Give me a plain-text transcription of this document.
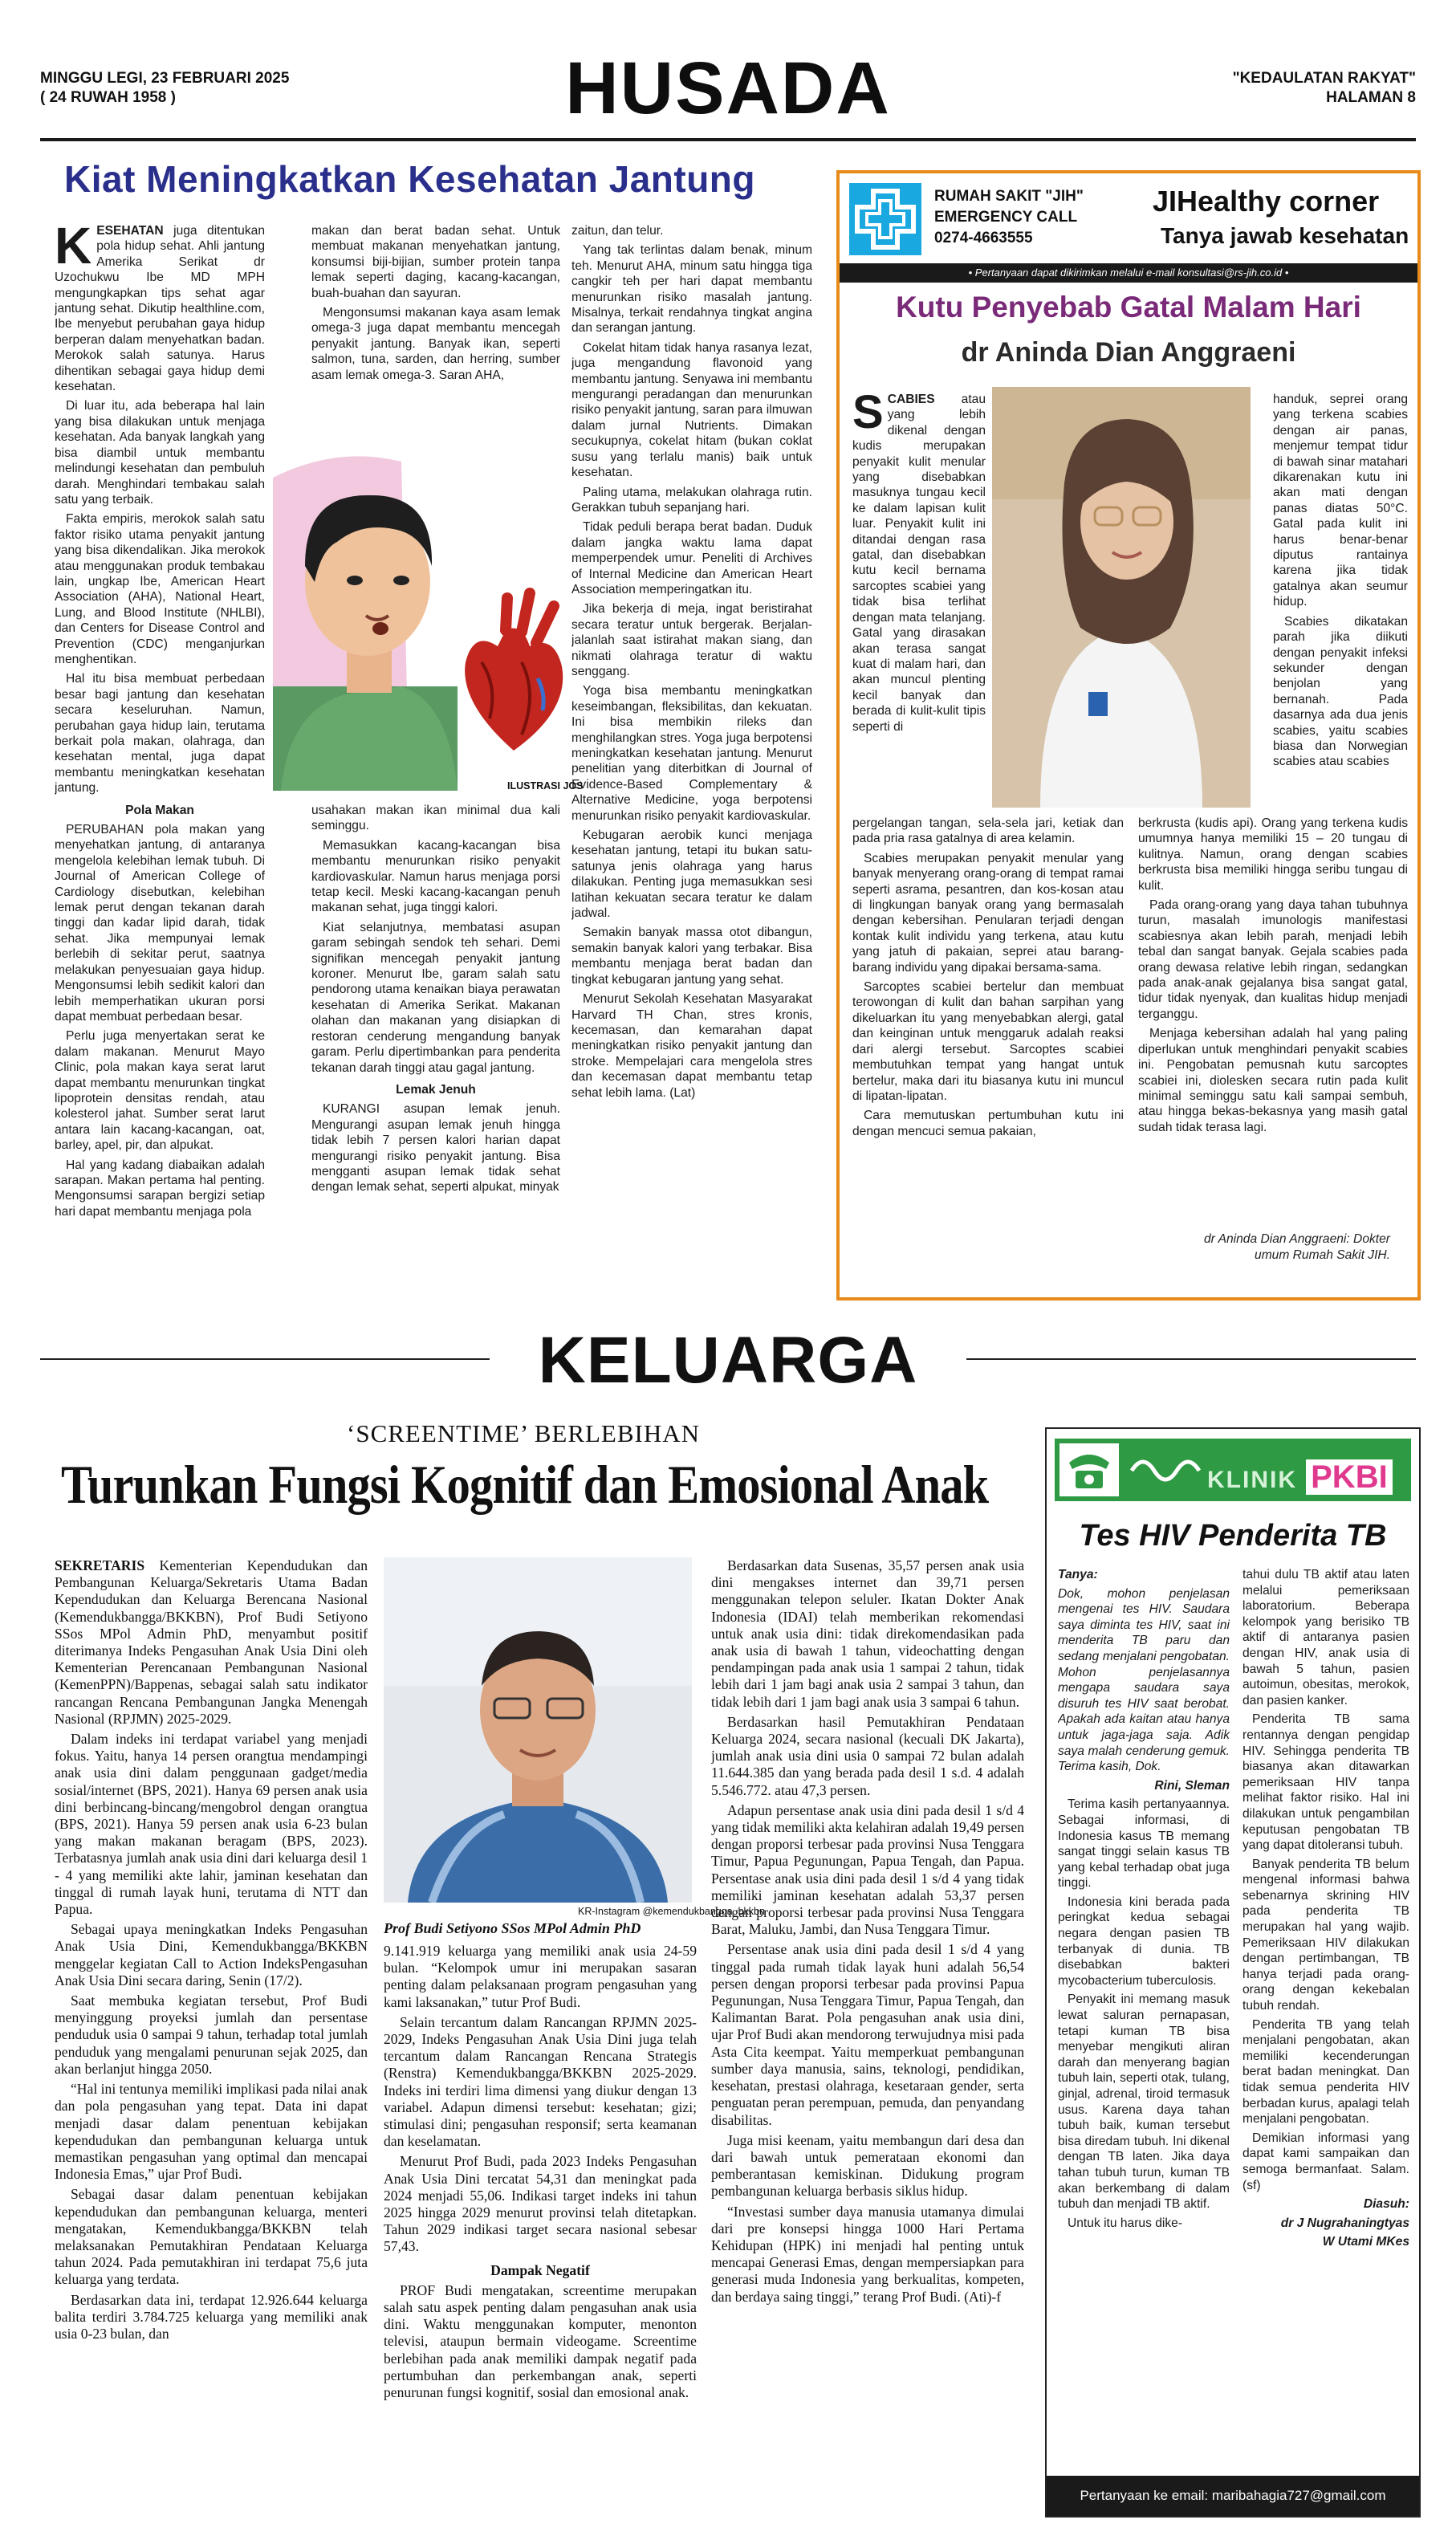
MINGGU LEGI, 23 FEBRUARI 2025
( 24 RUWAH 1958 )	HUSADA	"KEDAULATAN RAKYAT"
HALAMAN 8
Kiat Meningkatkan Kesehatan Jantung

KESEHATAN juga ditentukan pola hidup sehat. Ahli jantung Amerika Serikat dr Uzochukwu Ibe MD MPH mengungkapkan tips sehat agar jantung sehat. Dikutip healthline.com, Ibe menyebut perubahan gaya hidup berperan dalam menyehatkan badan. Merokok salah satunya. Harus dihentikan sebagai gaya hidup demi kesehatan.

Di luar itu, ada beberapa hal lain yang bisa dilakukan untuk menjaga kesehatan. Ada banyak langkah yang bisa diambil untuk membantu melindungi kesehatan dan pembuluh darah. Menghindari tembakau salah satu yang terbaik.

Fakta empiris, merokok salah satu faktor risiko utama penyakit jantung yang bisa dikendalikan. Jika merokok atau menggunakan produk tembakau lain, ungkap Ibe, American Heart Association (AHA), National Heart, Lung, and Blood Institute (NHLBI), dan Centers for Disease Control and Prevention (CDC) menganjurkan menghentikan.

Hal itu bisa membuat perbedaan besar bagi jantung dan kesehatan secara keseluruhan. Namun, perubahan gaya hidup lain, terutama berkait pola makan, olahraga, dan kesehatan mental, juga dapat membantu meningkatkan kesehatan jantung.

Pola Makan

PERUBAHAN pola makan yang menyehatkan jantung, di antaranya mengelola kelebihan lemak tubuh. Di Journal of American College of Cardiology disebutkan, kelebihan lemak perut dengan tekanan darah tinggi dan kadar lipid darah, tidak sehat. Jika mempunyai lemak berlebih di sekitar perut, saatnya melakukan penyesuaian gaya hidup. Mengonsumsi lebih sedikit kalori dan lebih memperhatikan ukuran porsi dapat membuat perbedaan besar.

Perlu juga menyertakan serat ke dalam makanan. Menurut Mayo Clinic, pola makan kaya serat larut dapat membantu menurunkan tingkat lipoprotein densitas rendah, atau kolesterol jahat. Sumber serat larut antara lain kacang-kacangan, oat, barley, apel, pir, dan alpukat.

Hal yang kadang diabaikan adalah sarapan. Makan pertama hal penting. Mengonsumsi sarapan bergizi setiap hari dapat membantu menjaga pola

makan dan berat badan sehat. Untuk membuat makanan menyehatkan jantung, konsumsi biji-bijian, sumber protein tanpa lemak seperti daging, kacang-kacangan, buah-buahan dan sayuran.

Mengonsumsi makanan kaya asam lemak omega-3 juga dapat membantu mencegah penyakit jantung. Banyak ikan, seperti salmon, tuna, sarden, dan herring, sumber asam lemak omega-3. Saran AHA,

ILUSTRASI JOS

usahakan makan ikan minimal dua kali seminggu.

Memasukkan kacang-kacangan bisa membantu menurunkan risiko penyakit kardiovaskular. Namun harus menjaga porsi tetap kecil. Meski kacang-kacangan penuh makanan sehat, juga tinggi kalori.

Kiat selanjutnya, membatasi asupan garam sebingah sendok teh sehari. Demi signifikan mencegah penyakit jantung koroner. Menurut Ibe, garam salah satu pendorong utama kenaikan biaya perawatan kesehatan di Amerika Serikat. Makanan olahan dan makanan yang disiapkan di restoran cenderung mengandung banyak garam. Perlu dipertimbankan para penderita tekanan darah tinggi atau gagal jantung.

Lemak Jenuh

KURANGI asupan lemak jenuh. Mengurangi asupan lemak jenuh hingga tidak lebih 7 persen kalori harian dapat mengurangi risiko penyakit jantung. Bisa mengganti asupan lemak tidak sehat dengan lemak sehat, seperti alpukat, minyak

zaitun, dan telur.

Yang tak terlintas dalam benak, minum teh. Menurut AHA, minum satu hingga tiga cangkir teh per hari dapat membantu menurunkan risiko masalah jantung. Misalnya, terkait rendahnya tingkat angina dan serangan jantung.

Cokelat hitam tidak hanya rasanya lezat, juga mengandung flavonoid yang membantu jantung. Senyawa ini membantu mengurangi peradangan dan menurunkan risiko penyakit jantung, saran para ilmuwan dalam jurnal Nutrients. Dimakan secukupnya, cokelat hitam (bukan coklat susu yang terlalu manis) baik untuk kesehatan.

Paling utama, melakukan olahraga rutin. Gerakkan tubuh sepanjang hari.

Tidak peduli berapa berat badan. Duduk dalam jangka waktu lama dapat memperpendek umur. Peneliti di Archives of Internal Medicine dan American Heart Association memperingatkan itu.

Jika bekerja di meja, ingat beristirahat secara teratur untuk bergerak. Berjalan-jalanlah saat istirahat makan siang, dan nikmati olahraga teratur di waktu senggang.

Yoga bisa membantu meningkatkan keseimbangan, fleksibilitas, dan kekuatan. Ini bisa membikin rileks dan menghilangkan stres. Yoga juga berpotensi meningkatkan kesehatan jantung. Menurut penelitian yang diterbitkan di Journal of Evidence-Based Complementary & Alternative Medicine, yoga berpotensi menurunkan risiko penyakit kardiovaskular.

Kebugaran aerobik kunci menjaga kesehatan jantung, tetapi itu bukan satu-satunya jenis olahraga yang harus dilakukan. Penting juga memasukkan sesi latihan kekuatan secara teratur ke dalam jadwal.

Semakin banyak massa otot dibangun, semakin banyak kalori yang terbakar. Bisa membantu menjaga berat badan dan tingkat kebugaran jantung yang sehat.

Menurut Sekolah Kesehatan Masyarakat Harvard TH Chan, stres kronis, kecemasan, dan kemarahan dapat meningkatkan risiko penyakit jantung dan stroke. Mempelajari cara mengelola stres dan kecemasan dapat membantu tetap sehat lebih lama. (Lat)

RUMAH SAKIT "JIH"
EMERGENCY CALL
0274-4663555
JIHealthy corner
Tanya jawab kesehatan
• Pertanyaan dapat dikirimkan melalui e-mail konsultasi@rs-jih.co.id •
Kutu Penyebab Gatal Malam Hari
dr Aninda Dian Anggraeni

SCABIES atau yang lebih dikenal dengan kudis merupakan penyakit kulit menular yang disebabkan masuknya tungau kecil ke dalam lapisan kulit luar. Penyakit kulit ini ditandai dengan rasa gatal, dan disebabkan kutu kecil bernama sarcoptes scabiei yang tidak bisa terlihat dengan mata telanjang. Gatal yang dirasakan akan terasa sangat kuat di malam hari, dan akan muncul plenting kecil banyak dan berada di kulit-kulit tipis seperti di

handuk, seprei orang yang terkena scabies dengan air panas, menjemur tempat tidur di bawah sinar matahari dikarenakan kutu ini akan mati dengan panas diatas 50°C. Gatal pada kulit ini harus benar-benar diputus rantainya karena jika tidak gatalnya akan seumur hidup.

Scabies dikatakan parah jika diikuti dengan penyakit infeksi sekunder dengan benjolan yang bernanah. Pada dasarnya ada dua jenis scabies, yaitu scabies biasa dan Norwegian scabies atau scabies

pergelangan tangan, sela-sela jari, ketiak dan pada pria rasa gatalnya di area kelamin.

Scabies merupakan penyakit menular yang banyak menyerang orang-orang di tempat ramai seperti asrama, pesantren, dan kos-kosan atau di lingkungan banyak orang yang bermasalah dengan kebersihan. Penularan terjadi dengan kontak kulit individu yang terkena, atau kutu yang jatuh di pakaian, seprei atau barang-barang individu yang dipakai bersama-sama.

Sarcoptes scabiei bertelur dan membuat terowongan di kulit dan bahan sarpihan yang dikeluarkan itu yang menyebabkan alergi, gatal dan keinginan untuk menggaruk adalah reaksi dari alergi tersebut. Sarcoptes scabiei membutuhkan tempat yang hangat untuk bertelur, maka dari itu biasanya kutu ini muncul di lipatan-lipatan.

Cara memutuskan pertumbuhan kutu ini dengan mencuci semua pakaian,

berkrusta (kudis api). Orang yang terkena kudis umumnya hanya memiliki 15 – 20 tungau di kulitnya. Namun, orang dengan scabies berkrusta bisa memiliki hingga seribu tungau di kulit.

Pada orang-orang yang daya tahan tubuhnya turun, masalah imunologis manifestasi scabiesnya akan lebih parah, menjadi lebih tebal dan sangat banyak. Gejala scabies pada orang dewasa relative lebih ringan, sedangkan pada anak-anak gejalanya bisa sangat gatal, tidur tidak nyenyak, dan kualitas hidup menjadi terganggu.

Menjaga kebersihan adalah hal yang paling diperlukan untuk menghindari penyakit scabies ini. Pengobatan pemusnah kutu sarcoptes scabiei ini, diolesken secara rutin pada kulit minimal seminggu satu kali sampai sembuh, atau hingga bekas-bekasnya yang masih gatal sudah tidak terasa lagi.

dr Aninda Dian Anggraeni: Dokter
umum Rumah Sakit JIH.
KELUARGA
‘SCREENTIME’ BERLEBIHAN
Turunkan Fungsi Kognitif dan Emosional Anak

SEKRETARIS Kementerian Kependudukan dan Pembangunan Keluarga/Sekretaris Utama Badan Kependudukan dan Keluarga Berencana Nasional (Kemendukbangga/BKKBN), Prof Budi Setiyono SSos MPol Admin PhD, menyambut positif diterimanya Indeks Pengasuhan Anak Usia Dini oleh Kementerian Perencanaan Pembangunan Nasional (KemenPPN)/Bappenas, sebagai salah satu indikator rancangan Rencana Pembangunan Jangka Menengah Nasional (RPJMN) 2025-2029.

Dalam indeks ini terdapat variabel yang menjadi fokus. Yaitu, hanya 14 persen orangtua mendampingi anak usia dini dalam penggunaan gadget/media sosial/internet (BPS, 2021). Hanya 69 persen anak usia dini berbincang-bincang/mengobrol dengan orangtua (BPS, 2021). Hanya 59 persen anak usia 6-23 bulan yang makan makanan beragam (BPS, 2023). Terbatasnya jumlah anak usia dini dari keluarga desil 1 - 4 yang memiliki akte lahir, jaminan kesehatan dan tinggal di rumah layak huni, terutama di NTT dan Papua.

Sebagai upaya meningkatkan Indeks Pengasuhan Anak Usia Dini, Kemendukbangga/BKKBN menggelar kegiatan Call to Action IndeksPengasuhan Anak Usia Dini secara daring, Senin (17/2).

Saat membuka kegiatan tersebut, Prof Budi menyinggung proyeksi jumlah dan persentase penduduk usia 0 sampai 9 tahun, terhadap total jumlah penduduk yang mengalami penurunan sejak 2025, dan akan berlanjut hingga 2050.

“Hal ini tentunya memiliki implikasi pada nilai anak dan pola pengasuhan yang tepat. Data ini dapat menjadi dasar dalam penentuan kebijakan kependudukan dan pembangunan keluarga untuk memastikan pengasuhan yang optimal dan mencapai Indonesia Emas,” ujar Prof Budi.

Sebagai dasar dalam penentuan kebijakan kependudukan dan pembangunan keluarga, menteri mengatakan, Kemendukbangga/BKKBN telah melaksanakan Pemutakhiran Pendataan Keluarga tahun 2024. Pada pemutakhiran ini terdapat 75,6 juta keluarga yang terdata.

Berdasarkan data ini, terdapat 12.926.644 keluarga balita terdiri 3.784.725 keluarga yang memiliki anak usia 0-23 bulan, dan

KR-Instagram @kemendukbangga_bkkbn
Prof Budi Setiyono SSos MPol Admin PhD

9.141.919 keluarga yang memiliki anak usia 24-59 bulan. “Kelompok umur ini merupakan sasaran penting dalam pelaksanaan program pengasuhan yang kami laksanakan,” tutur Prof Budi.

Selain tercantum dalam Rancangan RPJMN 2025-2029, Indeks Pengasuhan Anak Usia Dini juga telah tercantum dalam Rancangan Rencana Strategis (Renstra) Kemendukbangga/BKKBN 2025-2029. Indeks ini terdiri lima dimensi yang diukur dengan 13 variabel. Adapun dimensi tersebut: kesehatan; gizi; stimulasi dini; pengasuhan responsif; serta keamanan dan keselamatan.

Menurut Prof Budi, pada 2023 Indeks Pengasuhan Anak Usia Dini tercatat 54,31 dan meningkat pada 2024 menjadi 55,06. Indikasi target indeks ini tahun 2025 hingga 2029 menurut provinsi telah ditetapkan. Tahun 2029 indikasi target secara nasional sebesar 57,43.

Dampak Negatif

PROF Budi mengatakan, screentime merupakan salah satu aspek penting dalam pengasuhan anak usia dini. Waktu menggunakan komputer, menonton televisi, ataupun bermain videogame. Screentime berlebihan pada anak memiliki dampak negatif pada pertumbuhan dan perkembangan anak, seperti penurunan fungsi kognitif, sosial dan emosional anak.

Berdasarkan data Susenas, 35,57 persen anak usia dini mengakses internet dan 39,71 persen menggunakan telepon seluler. Ikatan Dokter Anak Indonesia (IDAI) telah memberikan rekomendasi untuk anak usia dini: tidak direkomendasikan pada anak usia di bawah 1 tahun, videochatting dengan pendampingan pada anak usia 1 sampai 2 tahun, tidak lebih dari 1 jam bagi anak usia 2 sampai 3 tahun, dan tidak lebih dari 1 jam bagi anak usia 3 sampai 6 tahun.

Berdasarkan hasil Pemutakhiran Pendataan Keluarga 2024, secara nasional (kecuali DK Jakarta), jumlah anak usia dini usia 0 sampai 72 bulan adalah 11.644.385 dan yang berada pada desil 1 s.d. 4 adalah 5.546.772. atau 47,3 persen.

Adapun persentase anak usia dini pada desil 1 s/d 4 yang tidak memiliki akta kelahiran adalah 19,49 persen dengan proporsi terbesar pada provinsi Nusa Tenggara Timur, Papua Pegunungan, Papua Tengah, dan Papua. Persentase anak usia dini pada desil 1 s/d 4 yang tidak memiliki jaminan kesehatan adalah 53,37 persen dengan proporsi terbesar pada provinsi Nusa Tenggara Barat, Maluku, Jambi, dan Nusa Tenggara Timur.

Persentase anak usia dini pada desil 1 s/d 4 yang tinggal pada rumah tidak layak huni adalah 56,54 persen dengan proporsi terbesar pada provinsi Papua Pegunungan, Nusa Tenggara Timur, Papua Tengah, dan Kalimantan Barat. Pola pengasuhan anak usia dini, ujar Prof Budi akan mendorong terwujudnya misi pada Asta Cita keempat. Yaitu memperkuat pembangunan sumber daya manusia, sains, teknologi, pendidikan, kesehatan, prestasi olahraga, kesetaraan gender, serta penguatan peran perempuan, pemuda, dan penyandang disabilitas.

Juga misi keenam, yaitu membangun dari desa dan dari bawah untuk pemerataan ekonomi dan pemberantasan kemiskinan. Didukung program pembangunan keluarga berbasis siklus hidup.

“Investasi sumber daya manusia utamanya dimulai dari pre konsepsi hingga 1000 Hari Pertama Kehidupan (HPK) ini menjadi hal penting untuk mencapai Generasi Emas, dengan mempersiapkan para generasi muda Indonesia yang berkualitas, kompeten, dan berdaya saing tinggi,” terang Prof Budi. (Ati)-f

KLINIK PKBI
Tes HIV Penderita TB

Tanya:

Dok, mohon penjelasan mengenai tes HIV. Saudara saya diminta tes HIV, saat ini menderita TB paru dan sedang menjalani pengobatan. Mohon penjelasannya mengapa saudara saya disuruh tes HIV saat berobat. Apakah ada kaitan atau hanya untuk jaga-jaga saja. Adik saya malah cenderung gemuk. Terima kasih, Dok.

Rini, Sleman

Terima kasih pertanyaannya. Sebagai informasi, di Indonesia kasus TB memang sangat tinggi selain kasus TB yang kebal terhadap obat juga tinggi.

Indonesia kini berada pada peringkat kedua sebagai negara dengan pasien TB terbanyak di dunia. TB disebabkan bakteri mycobacterium tuberculosis.

Penyakit ini memang masuk lewat saluran pernapasan, tetapi kuman TB bisa menyebar mengikuti aliran darah dan menyerang bagian tubuh lain, seperti otak, tulang, ginjal, adrenal, tiroid termasuk usus. Karena daya tahan tubuh baik, kuman tersebut bisa diredam tubuh. Ini dikenal dengan TB laten. Jika daya tahan tubuh turun, kuman TB akan berkembang di dalam tubuh dan menjadi TB aktif.

Untuk itu harus dike-

tahui dulu TB aktif atau laten melalui pemeriksaan laboratorium. Beberapa kelompok yang berisiko TB aktif di antaranya pasien dengan HIV, anak usia di bawah 5 tahun, pasien autoimun, obesitas, merokok, dan pasien kanker.

Penderita TB sama rentannya dengan pengidap HIV. Sehingga penderita TB biasanya akan ditawarkan pemeriksaan HIV tanpa melihat faktor risiko. Hal ini dilakukan untuk pengambilan keputusan pengobatan TB yang dapat ditoleransi tubuh.

Banyak penderita TB belum mengenal informasi bahwa sebenarnya skrining HIV pada penderita TB merupakan hal yang wajib. Pemeriksaan HIV dilakukan dengan pertimbangan, TB hanya terjadi pada orang-orang dengan kekebalan tubuh rendah.

Penderita TB yang telah menjalani pengobatan, akan memiliki kecenderungan berat badan meningkat. Dan tidak semua penderita HIV berbadan kurus, apalagi telah menjalani pengobatan.

Demikian informasi yang dapat kami sampaikan dan semoga bermanfaat. Salam. (sf)

Diasuh:

dr J Nugrahaningtyas

W Utami MKes

Pertanyaan ke email: maribahagia727@gmail.com
